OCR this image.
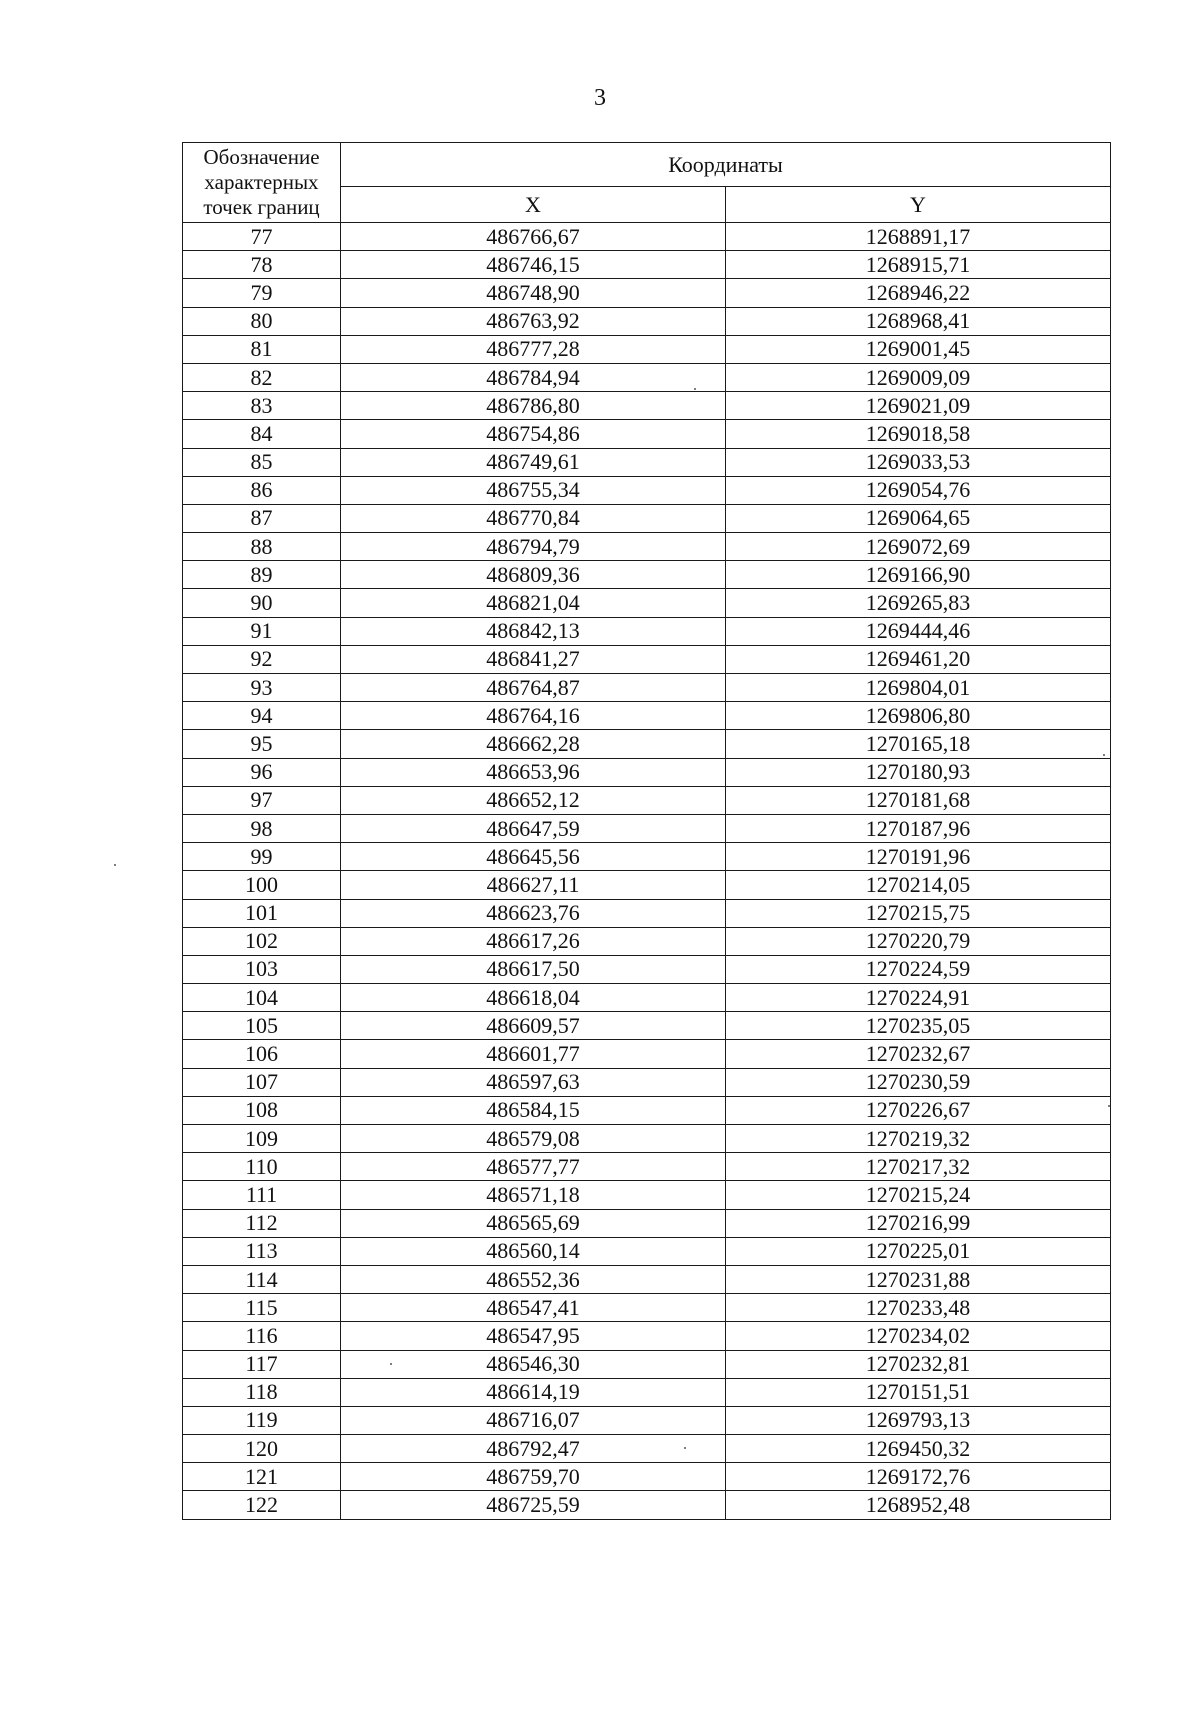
3
Обозначение характерных точек границ	Координаты	
	X	Y
77	486766,67	1268891,17
78	486746,15	1268915,71
79	486748,90	1268946,22
80	486763,92	1268968,41
81	486777,28	1269001,45
82	486784,94	1269009,09
83	486786,80	1269021,09
84	486754,86	1269018,58
85	486749,61	1269033,53
86	486755,34	1269054,76
87	486770,84	1269064,65
88	486794,79	1269072,69
89	486809,36	1269166,90
90	486821,04	1269265,83
91	486842,13	1269444,46
92	486841,27	1269461,20
93	486764,87	1269804,01
94	486764,16	1269806,80
95	486662,28	1270165,18
96	486653,96	1270180,93
97	486652,12	1270181,68
98	486647,59	1270187,96
99	486645,56	1270191,96
100	486627,11	1270214,05
101	486623,76	1270215,75
102	486617,26	1270220,79
103	486617,50	1270224,59
104	486618,04	1270224,91
105	486609,57	1270235,05
106	486601,77	1270232,67
107	486597,63	1270230,59
108	486584,15	1270226,67
109	486579,08	1270219,32
110	486577,77	1270217,32
111	486571,18	1270215,24
112	486565,69	1270216,99
113	486560,14	1270225,01
114	486552,36	1270231,88
115	486547,41	1270233,48
116	486547,95	1270234,02
117	486546,30	1270232,81
118	486614,19	1270151,51
119	486716,07	1269793,13
120	486792,47	1269450,32
121	486759,70	1269172,76
122	486725,59	1268952,48
